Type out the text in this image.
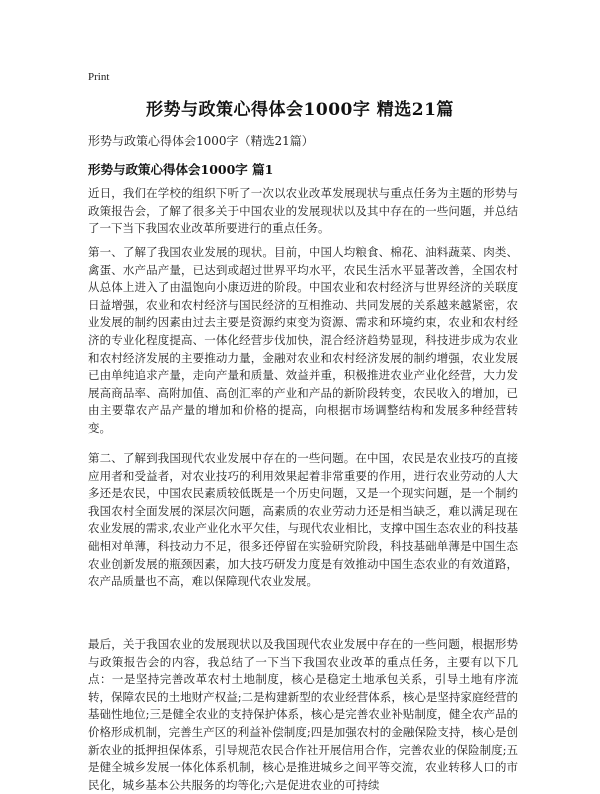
Print
形势与政策心得体会1000字 精选21篇
形势与政策心得体会1000字（精选21篇）
形势与政策心得体会1000字 篇1
近日，我们在学校的组织下听了一次以农业改革发展现状与重点任务为主题的形势与政策报告会，了解了很多关于中国农业的发展现状以及其中存在的一些问题，并总结了一下当下我国农业改革所要进行的重点任务。
第一、了解了我国农业发展的现状。目前，中国人均粮食、棉花、油料蔬菜、肉类、禽蛋、水产品产量，已达到或超过世界平均水平，农民生活水平显著改善，全国农村从总体上进入了由温饱向小康迈进的阶段。中国农业和农村经济与世界经济的关联度日益增强，农业和农村经济与国民经济的互相推动、共同发展的关系越来越紧密，农业发展的制约因素由过去主要是资源约束变为资源、需求和环境约束，农业和农村经济的专业化程度提高、一体化经营步伐加快，混合经济趋势显现，科技进步成为农业和农村经济发展的主要推动力量，金融对农业和农村经济发展的制约增强，农业发展已由单纯追求产量，走向产量和质量、效益并重，积极推进农业产业化经营，大力发展高商品率、高附加值、高创汇率的产业和产品的新阶段转变，农民收入的增加，已由主要靠农产品产量的增加和价格的提高，向根据市场调整结构和发展多种经营转变。
第二、了解到我国现代农业发展中存在的一些问题。在中国，农民是农业技巧的直接应用者和受益者，对农业技巧的利用效果起着非常重要的作用，进行农业劳动的人大多还是农民，中国农民素质较低既是一个历史问题，又是一个现实问题，是一个制约我国农村全面发展的深层次问题，高素质的农业劳动力还是相当缺乏，难以满足现在农业发展的需求,农业产业化水平欠佳，与现代农业相比，支撑中国生态农业的科技基础相对单薄，科技动力不足，很多还停留在实验研究阶段，科技基础单薄是中国生态农业创新发展的瓶颈因素，加大技巧研发力度是有效推动中国生态农业的有效道路，农产品质量也不高，难以保障现代农业发展。
最后，关于我国农业的发展现状以及我国现代农业发展中存在的一些问题，根据形势与政策报告会的内容，我总结了一下当下我国农业改革的重点任务，主要有以下几点：一是坚持完善改革农村土地制度，核心是稳定土地承包关系，引导土地有序流转，保障农民的土地财产权益;二是构建新型的农业经营体系，核心是坚持家庭经营的基础性地位;三是健全农业的支持保护体系，核心是完善农业补贴制度，健全农产品的价格形成机制，完善生产区的利益补偿制度;四是加强农村的金融保险支持，核心是创新农业的抵押担保体系，引导规范农民合作社开展信用合作，完善农业的保险制度;五是健全城乡发展一体化体系机制，核心是推进城乡之间平等交流，农业转移人口的市民化，城乡基本公共服务的均等化;六是促进农业的可持续
